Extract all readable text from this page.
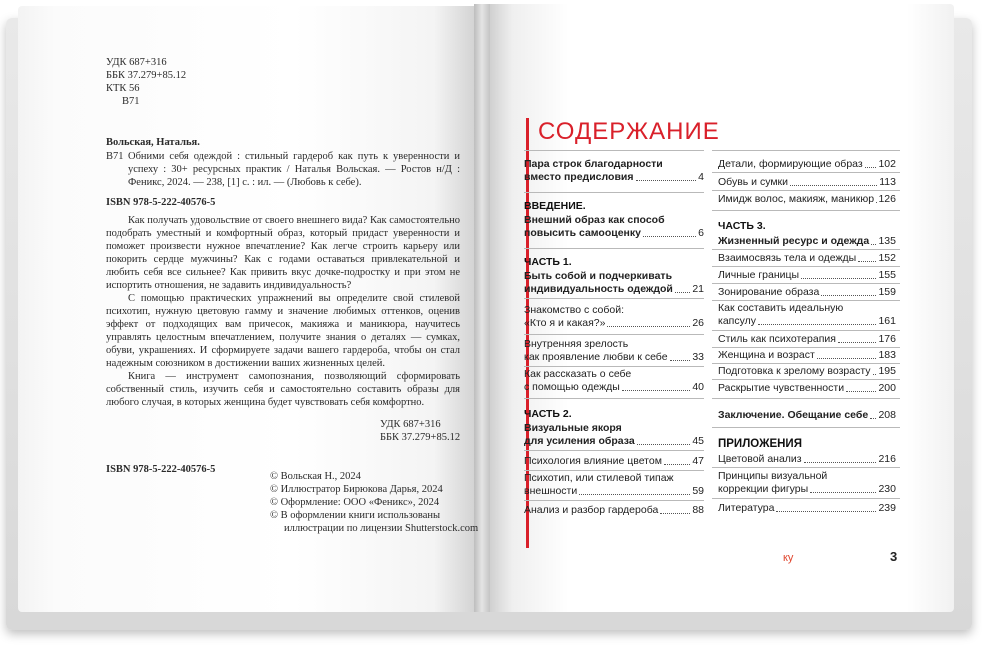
УДК 687+316
ББК 37.279+85.12
КТК 56
В71
Вольская, Наталья.
В71 Обними себя одеждой : стильный гардероб как путь к уверенности и успеху : 30+ ресурсных практик / Наталья Вольская. — Ростов н/Д : Феникс, 2024. — 238, [1] с. : ил. — (Любовь к себе).
ISBN 978-5-222-40576-5

Как получать удовольствие от своего внешнего вида? Как самостоятельно подобрать уместный и комфортный образ, который придаст уверенности и поможет произвести нужное впечатление? Как легче строить карьеру или покорить сердце мужчины? Как с годами оставаться привлекательной и любить себя все сильнее? Как привить вкус дочке-подростку и при этом не испортить отношения, не задавить индивидуальность?

С помощью практических упражнений вы определите свой стилевой психотип, нужную цветовую гамму и значение любимых оттенков, оценив эффект от подходящих вам причесок, макияжа и маникюра, научитесь управлять целостным впечатлением, получите знания о деталях — сумках, обуви, украшениях. И сформируете задачи вашего гардероба, чтобы он стал надежным союзником в достижении ваших жизненных целей.

Книга — инструмент самопознания, позволяющий сформировать собственный стиль, изучить себя и самостоятельно составить образы для любого случая, в которых женщина будет чувствовать себя комфортно.

УДК 687+316
ББК 37.279+85.12
ISBN 978-5-222-40576-5
© Вольская Н., 2024
© Иллюстратор Бирюкова Дарья, 2024
© Оформление: ООО «Феникс», 2024
© В оформлении книги использованы
иллюстрации по лицензии Shutterstock.com
СОДЕРЖАНИЕ
Пара строк благодарности
вместо предисловия	4
ВВЕДЕНИЕ.
Внешний образ как способ
повысить самооценку	6
ЧАСТЬ 1.
Быть собой и подчеркивать
индивидуальность одеждой 21
Знакомство с собой:
«Кто я и какая?»	26
Внутренняя зрелость
как проявление любви к себе 33
Как рассказать о себе
с помощью одежды	40
ЧАСТЬ 2.
Визуальные якоря
для усиления образа	45
Психология влияние цветом	47
Психотип, или стилевой типаж
внешности	59
Анализ и разбор гардероба	88
Детали, формирующие образ 102
Обувь и сумки	113
Имидж волос, макияж, маникюр 126
ЧАСТЬ 3.
Жизненный ресурс и одежда 135
Взаимосвязь тела и одежды 152
Личные границы	155
Зонирование образа	159
Как составить идеальную
капсулу	161
Стиль как психотерапия	176
Женщина и возраст	183
Подготовка к зрелому возрасту 195
Раскрытие чувственности	200
Заключение. Обещание себе 208
ПРИЛОЖЕНИЯ
Цветовой анализ	216
Принципы визуальной
коррекции фигуры	230
Литература	239
ку	3
